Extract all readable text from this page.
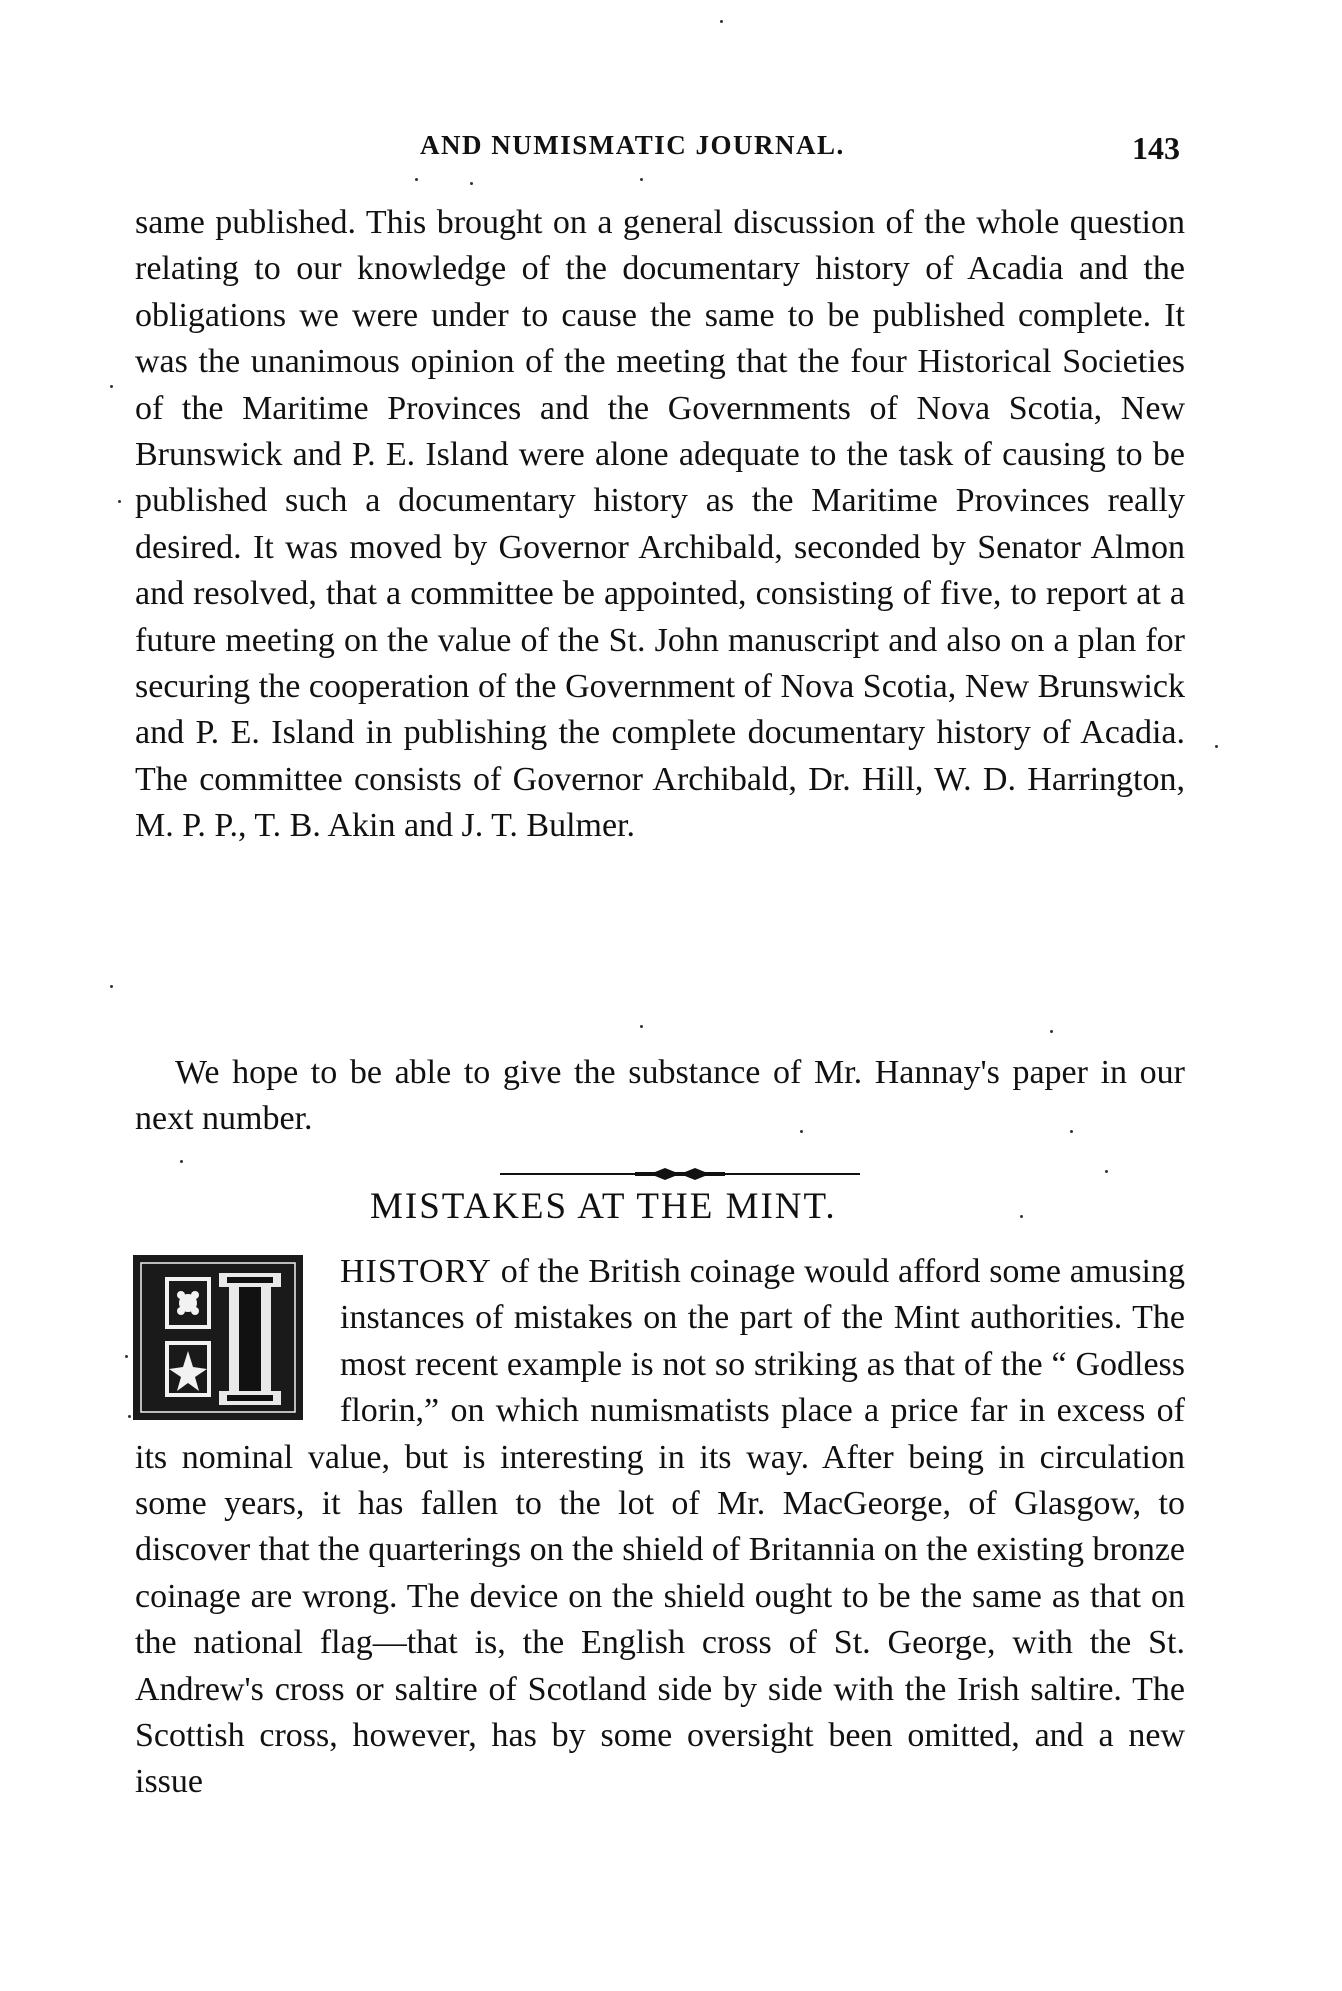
AND NUMISMATIC JOURNAL.	143

same published. This brought on a general discussion of the whole question relating to our knowledge of the documentary history of Acadia and the obligations we were under to cause the same to be published complete. It was the unanimous opinion of the meeting that the four Historical Societies of the Maritime Provinces and the Governments of Nova Scotia, New Brunswick and P. E. Island were alone adequate to the task of causing to be published such a documentary history as the Maritime Provinces really desired. It was moved by Governor Archibald, seconded by Senator Almon and resolved, that a committee be appointed, consisting of five, to report at a future meeting on the value of the St. John manuscript and also on a plan for securing the cooperation of the Government of Nova Scotia, New Brunswick and P. E. Island in publishing the complete documentary history of Acadia. The committee consists of Governor Archibald, Dr. Hill, W. D. Harrington, M. P. P., T. B. Akin and J. T. Bulmer.

We hope to be able to give the substance of Mr. Hannay's paper in our next number.

MISTAKES AT THE MINT.
HISTORY of the British coinage would afford some amusing instances of mistakes on the part of the Mint authorities. The most recent example is not so striking as that of the “ Godless florin,” on which numismatists place a price far in excess of its nominal value, but is interesting in its way. After being in circulation some years, it has fallen to the lot of Mr. MacGeorge, of Glasgow, to discover that the quarterings on the shield of Britannia on the existing bronze coinage are wrong. The device on the shield ought to be the same as that on the national flag—that is, the English cross of St. George, with the St. Andrew's cross or saltire of Scotland side by side with the Irish saltire. The Scottish cross, however, has by some oversight been omitted, and a new issue
